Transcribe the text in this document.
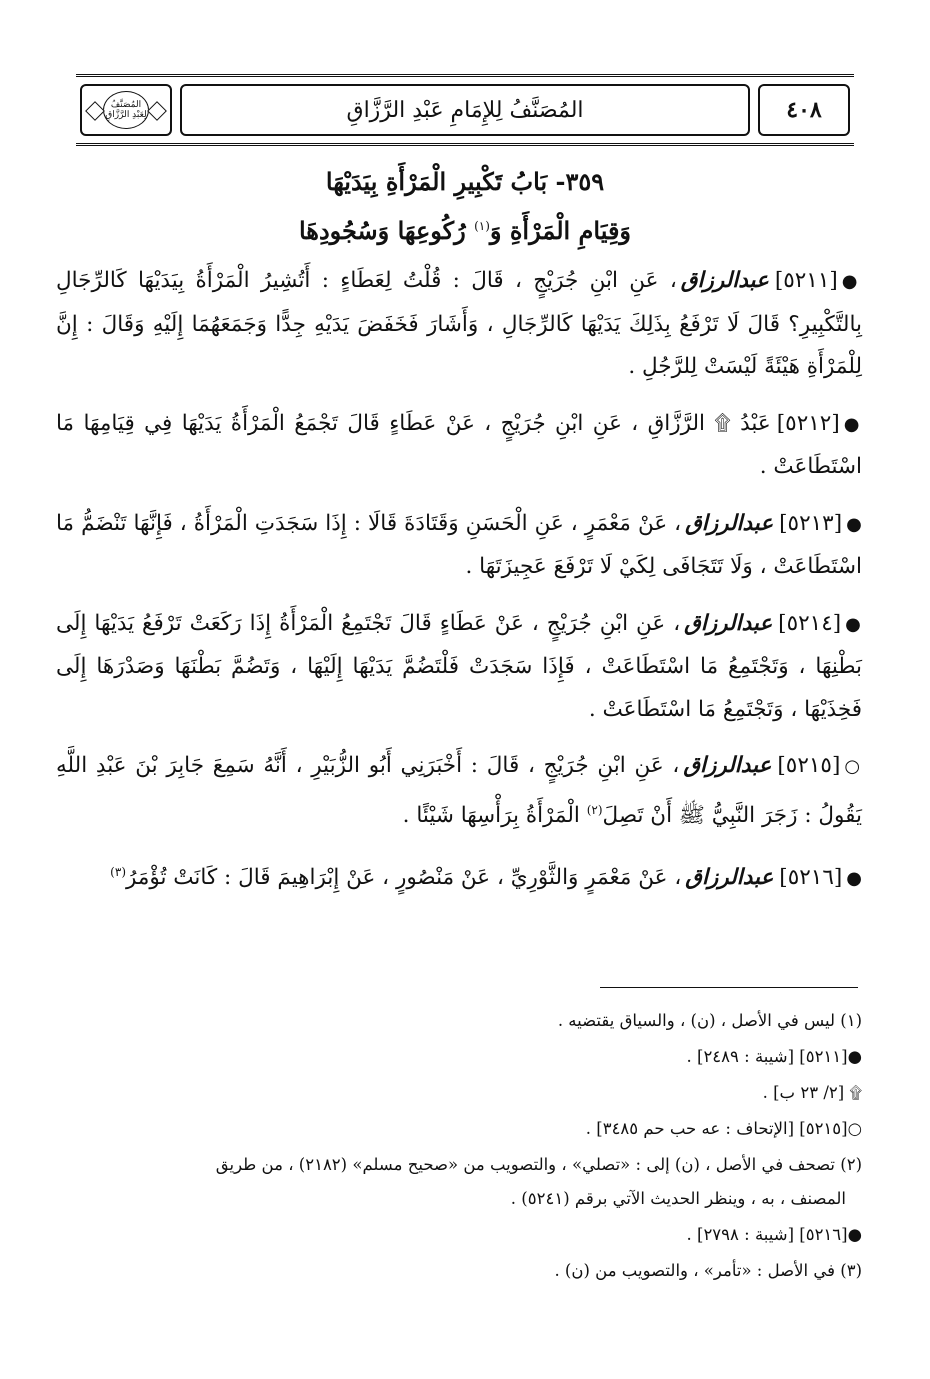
المُصَنَّفُ لِعَبْدِ الرَّزَّاقِ	المُصَنَّفُ لِلإِمَامِ عَبْدِ الرَّزَّاقِ	٤٠٨
٣٥٩- بَابُ تَكْبِيرِ الْمَرْأَةِ بِيَدَيْهَا
وَقِيَامِ الْمَرْأَةِ وَ$^{(١)}$ رُكُوعِهَا وَسُجُودِهَا

●[٥٢١١]عبدالرزاق، عَنِ ابْنِ جُرَيْجٍ ، قَالَ : قُلْتُ لِعَطَاءٍ : أَتُشِيرُ الْمَرْأَةُ بِيَدَيْهَا كَالرِّجَالِ بِالتَّكْبِيرِ؟ قَالَ لَا تَرْفَعُ بِذَلِكَ يَدَيْهَا كَالرِّجَالِ ، وَأَشَارَ فَخَفَضَ يَدَيْهِ جِدًّا وَجَمَعَهُمَا إِلَيْهِ وَقَالَ : إِنَّ لِلْمَرْأَةِ هَيْئَةً لَيْسَتْ لِلرَّجُلِ .

●[٥٢١٢]عَبْدُ ۩ الرَّزَّاقِ ، عَنِ ابْنِ جُرَيْجٍ ، عَنْ عَطَاءٍ قَالَ تَجْمَعُ الْمَرْأَةُ يَدَيْهَا فِي قِيَامِهَا مَا اسْتَطَاعَتْ .

●[٥٢١٣]عبدالرزاق، عَنْ مَعْمَرٍ ، عَنِ الْحَسَنِ وَقَتَادَةَ قَالَا : إِذَا سَجَدَتِ الْمَرْأَةُ ، فَإِنَّهَا تَنْضَمُّ مَا اسْتَطَاعَتْ ، وَلَا تَتَجَافَى لِكَيْ لَا تَرْفَعَ عَجِيزَتَهَا .

●[٥٢١٤]عبدالرزاق، عَنِ ابْنِ جُرَيْجٍ ، عَنْ عَطَاءٍ قَالَ تَجْتَمِعُ الْمَرْأَةُ إِذَا رَكَعَتْ تَرْفَعُ يَدَيْهَا إِلَى بَطْنِهَا ، وَتَجْتَمِعُ مَا اسْتَطَاعَتْ ، فَإِذَا سَجَدَتْ فَلْتَضُمَّ يَدَيْهَا إِلَيْهَا ، وَتَضُمَّ بَطْنَهَا وَصَدْرَهَا إِلَى فَخِذَيْهَا ، وَتَجْتَمِعُ مَا اسْتَطَاعَتْ .

○[٥٢١٥]عبدالرزاق، عَنِ ابْنِ جُرَيْجٍ ، قَالَ : أَخْبَرَنِي أَبُو الزُّبَيْرِ ، أَنَّهُ سَمِعَ جَابِرَ بْنَ عَبْدِ اللَّهِ يَقُولُ : زَجَرَ النَّبِيُّ ﷺ أَنْ تَصِلَ$^{(٢)}$ الْمَرْأَةُ بِرَأْسِهَا شَيْئًا .

●[٥٢١٦]عبدالرزاق، عَنْ مَعْمَرٍ وَالثَّوْرِيِّ ، عَنْ مَنْصُورٍ ، عَنْ إِبْرَاهِيمَ قَالَ : كَانَتْ تُؤْمَرُ$^{(٣)}$

(١) ليس في الأصل ، (ن) ، والسياق يقتضيه .
●[٥٢١١] [شيبة : ٢٤٨٩] .
۩ [٢/ ٢٣ ب] .
○[٥٢١٥] [الإتحاف : عه حب حم ٣٤٨٥] .
(٢) تصحف في الأصل ، (ن) إلى : «تصلي» ، والتصويب من «صحيح مسلم» (٢١٨٢) ، من طريق
المصنف ، به ، وينظر الحديث الآتي برقم (٥٢٤١) .
●[٥٢١٦] [شيبة : ٢٧٩٨] .
(٣) في الأصل : «تأمر» ، والتصويب من (ن) .
